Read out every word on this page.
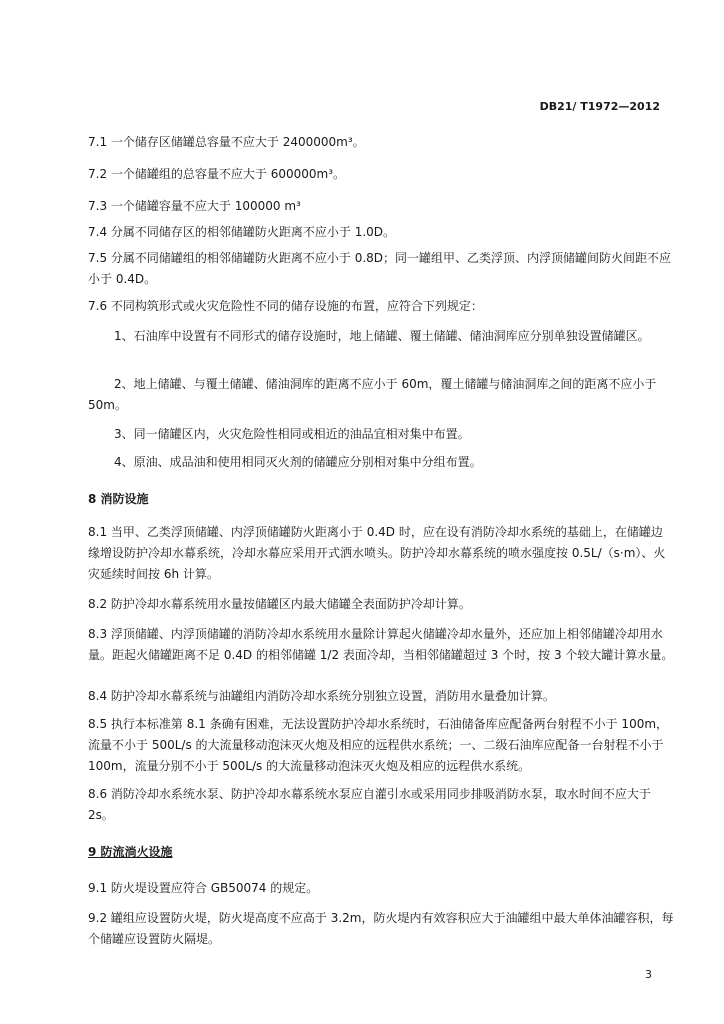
DB21/ T1972—2012
7.1 一个储存区储罐总容量不应大于 2400000m³。
7.2 一个储罐组的总容量不应大于 600000m³。
7.3 一个储罐容量不应大于 100000 m³
7.4 分属不同储存区的相邻储罐防火距离不应小于 1.0D。
7.5 分属不同储罐组的相邻储罐防火距离不应小于 0.8D；同一罐组甲、乙类浮顶、内浮顶储罐间防火间距不应小于 0.4D。
7.6 不同构筑形式或火灾危险性不同的储存设施的布置，应符合下列规定：
1、石油库中设置有不同形式的储存设施时，地上储罐、覆土储罐、储油洞库应分别单独设置储罐区。
2、地上储罐、与覆土储罐、储油洞库的距离不应小于 60m，覆土储罐与储油洞库之间的距离不应小于 50m。
3、同一储罐区内，火灾危险性相同或相近的油品宜相对集中布置。
4、原油、成品油和使用相同灭火剂的储罐应分别相对集中分组布置。
8 消防设施
8.1 当甲、乙类浮顶储罐、内浮顶储罐防火距离小于 0.4D 时，应在设有消防冷却水系统的基础上，在储罐边缘增设防护冷却水幕系统，冷却水幕应采用开式洒水喷头。防护冷却水幕系统的喷水强度按 0.5L/（s·m）、火灾延续时间按 6h 计算。
8.2 防护冷却水幕系统用水量按储罐区内最大储罐全表面防护冷却计算。
8.3 浮顶储罐、内浮顶储罐的消防冷却水系统用水量除计算起火储罐冷却水量外，还应加上相邻储罐冷却用水量。距起火储罐距离不足 0.4D 的相邻储罐 1/2 表面冷却，当相邻储罐超过 3 个时，按 3 个较大罐计算水量。
8.4 防护冷却水幕系统与油罐组内消防冷却水系统分别独立设置，消防用水量叠加计算。
8.5 执行本标准第 8.1 条确有困难，无法设置防护冷却水系统时，石油储备库应配备两台射程不小于 100m，流量不小于 500L/s 的大流量移动泡沫灭火炮及相应的远程供水系统；一、二级石油库应配备一台射程不小于 100m，流量分别不小于 500L/s 的大流量移动泡沫灭火炮及相应的远程供水系统。
8.6 消防冷却水系统水泵、防护冷却水幕系统水泵应自灌引水或采用同步排吸消防水泵，取水时间不应大于 2s。
9 防流淌火设施
9.1 防火堤设置应符合 GB50074 的规定。
9.2 罐组应设置防火堤，防火堤高度不应高于 3.2m，防火堤内有效容积应大于油罐组中最大单体油罐容积，每个储罐应设置防火隔堤。
3
